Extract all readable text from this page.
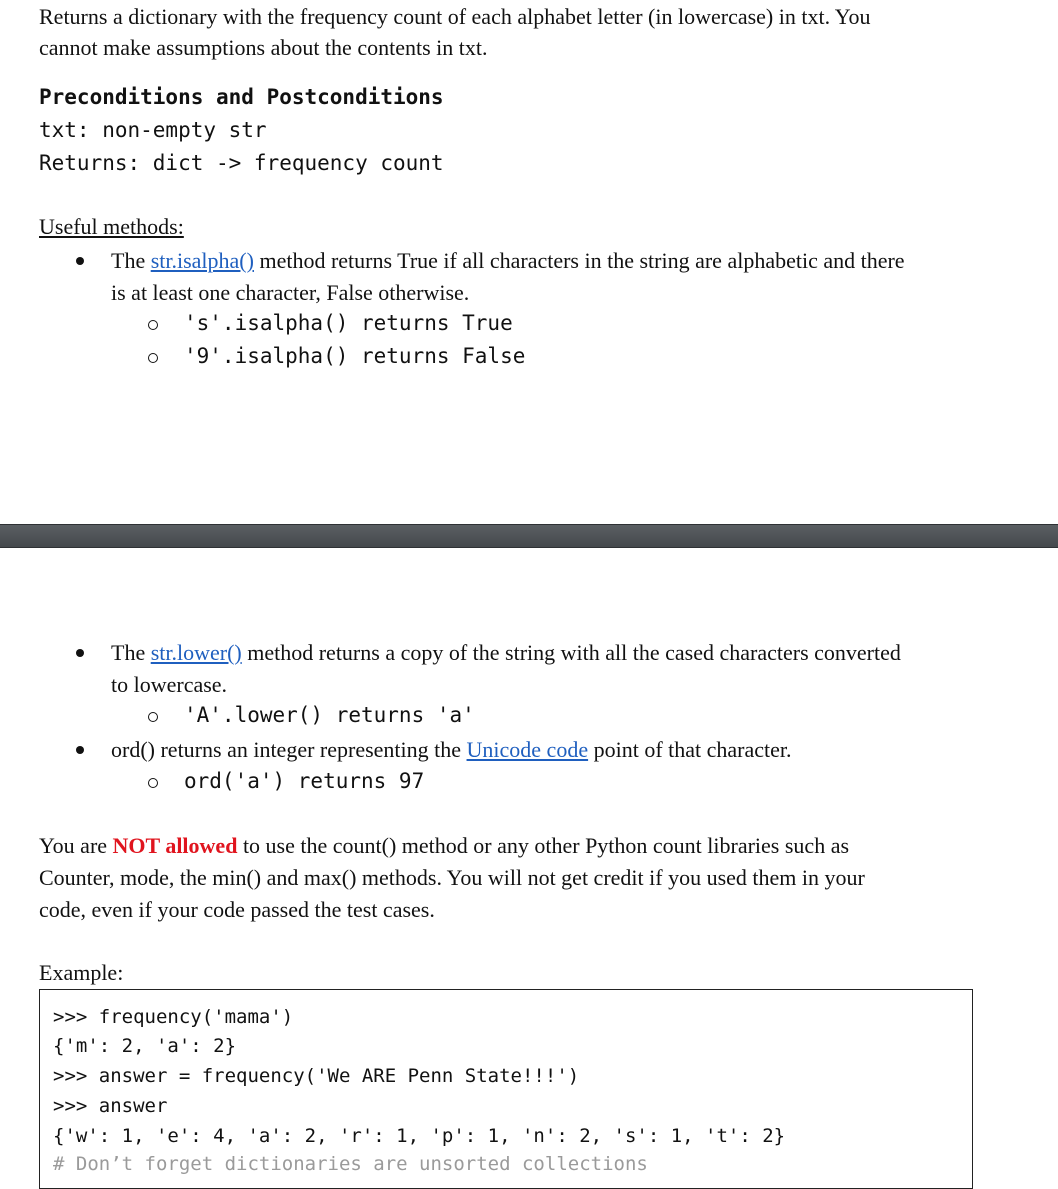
Returns a dictionary with the frequency count of each alphabet letter (in lowercase) in txt. You
cannot make assumptions about the contents in txt.
Preconditions and Postconditions
txt: non-empty str
Returns: dict -> frequency count
Useful methods:
The str.isalpha() method returns True if all characters in the string are alphabetic and there
is at least one character, False otherwise.
's'.isalpha() returns True
'9'.isalpha() returns False
The str.lower() method returns a copy of the string with all the cased characters converted
to lowercase.
'A'.lower() returns 'a'
ord() returns an integer representing the Unicode code point of that character.
ord('a') returns 97
You are NOT allowed to use the count() method or any other Python count libraries such as
Counter, mode, the min() and max() methods. You will not get credit if you used them in your
code, even if your code passed the test cases.
Example:
>>> frequency('mama')
{'m': 2, 'a': 2}
>>> answer = frequency('We ARE Penn State!!!')
>>> answer
{'w': 1, 'e': 4, 'a': 2, 'r': 1, 'p': 1, 'n': 2, 's': 1, 't': 2}
# Don’t forget dictionaries are unsorted collections
